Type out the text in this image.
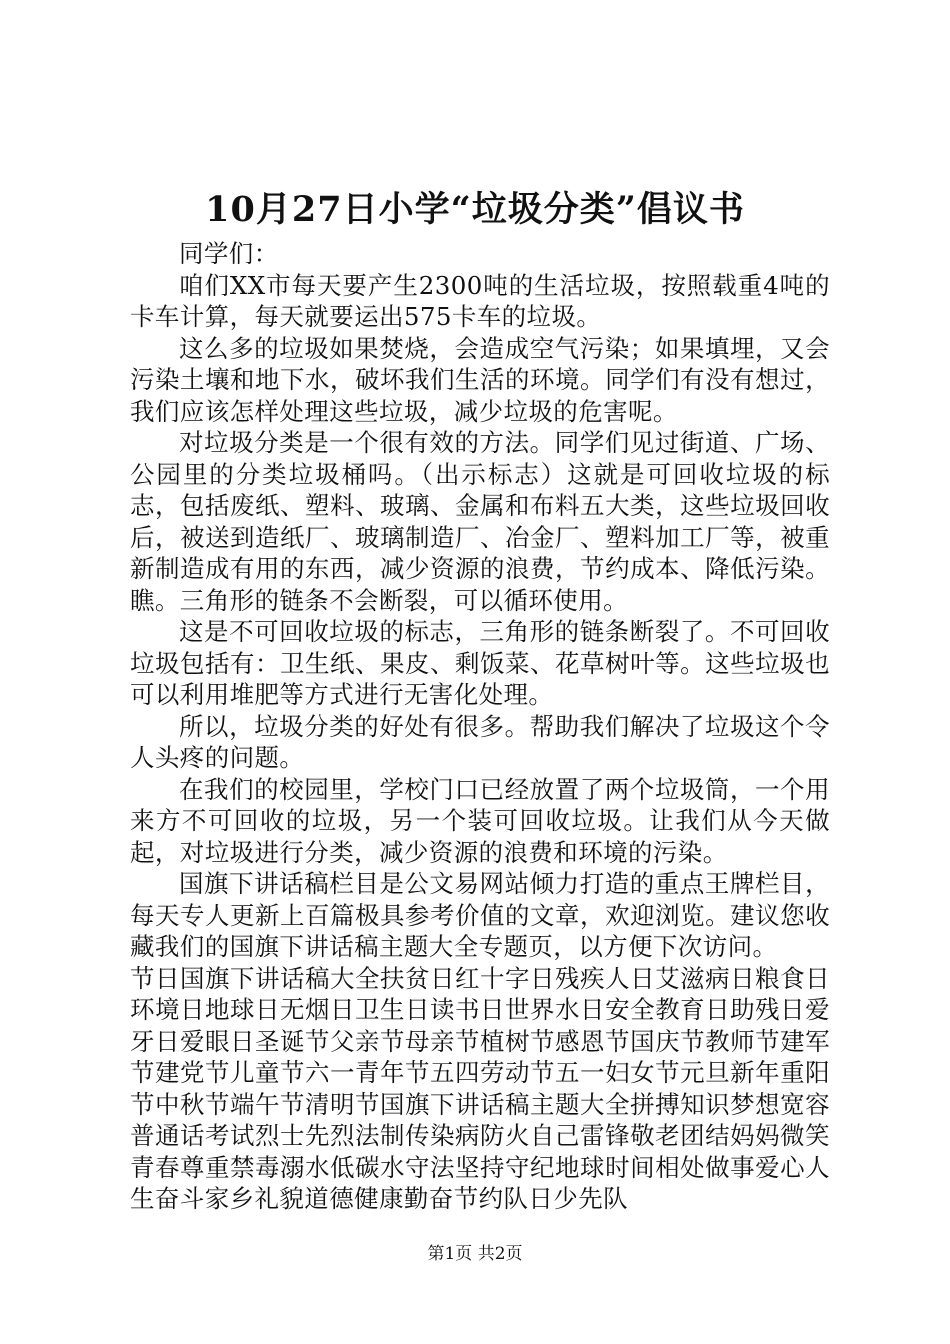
10月27日小学“垃圾分类”倡议书

同学们：

咱们XX市每天要产生2300吨的生活垃圾，按照载重4吨的卡车计算，每天就要运出575卡车的垃圾。

这么多的垃圾如果焚烧，会造成空气污染；如果填埋，又会污染土壤和地下水，破坏我们生活的环境。同学们有没有想过，我们应该怎样处理这些垃圾，减少垃圾的危害呢。

对垃圾分类是一个很有效的方法。同学们见过街道、广场、公园里的分类垃圾桶吗。（出示标志）这就是可回收垃圾的标志，包括废纸、塑料、玻璃、金属和布料五大类，这些垃圾回收后，被送到造纸厂、玻璃制造厂、冶金厂、塑料加工厂等，被重新制造成有用的东西，减少资源的浪费，节约成本、降低污染。瞧。三角形的链条不会断裂，可以循环使用。

这是不可回收垃圾的标志，三角形的链条断裂了。不可回收垃圾包括有：卫生纸、果皮、剩饭菜、花草树叶等。这些垃圾也可以利用堆肥等方式进行无害化处理。

所以，垃圾分类的好处有很多。帮助我们解决了垃圾这个令人头疼的问题。

在我们的校园里，学校门口已经放置了两个垃圾筒，一个用来方不可回收的垃圾，另一个装可回收垃圾。让我们从今天做起，对垃圾进行分类，减少资源的浪费和环境的污染。

国旗下讲话稿栏目是公文易网站倾力打造的重点王牌栏目，每天专人更新上百篇极具参考价值的文章，欢迎浏览。建议您收藏我们的国旗下讲话稿主题大全专题页，以方便下次访问。

节日国旗下讲话稿大全扶贫日红十字日残疾人日艾滋病日粮食日环境日地球日无烟日卫生日读书日世界水日安全教育日助残日爱牙日爱眼日圣诞节父亲节母亲节植树节感恩节国庆节教师节建军节建党节儿童节六一青年节五四劳动节五一妇女节元旦新年重阳节中秋节端午节清明节国旗下讲话稿主题大全拼搏知识梦想宽容普通话考试烈士先烈法制传染病防火自己雷锋敬老团结妈妈微笑青春尊重禁毒溺水低碳水守法坚持守纪地球时间相处做事爱心人生奋斗家乡礼貌道德健康勤奋节约队日少先队

第1页 共2页
